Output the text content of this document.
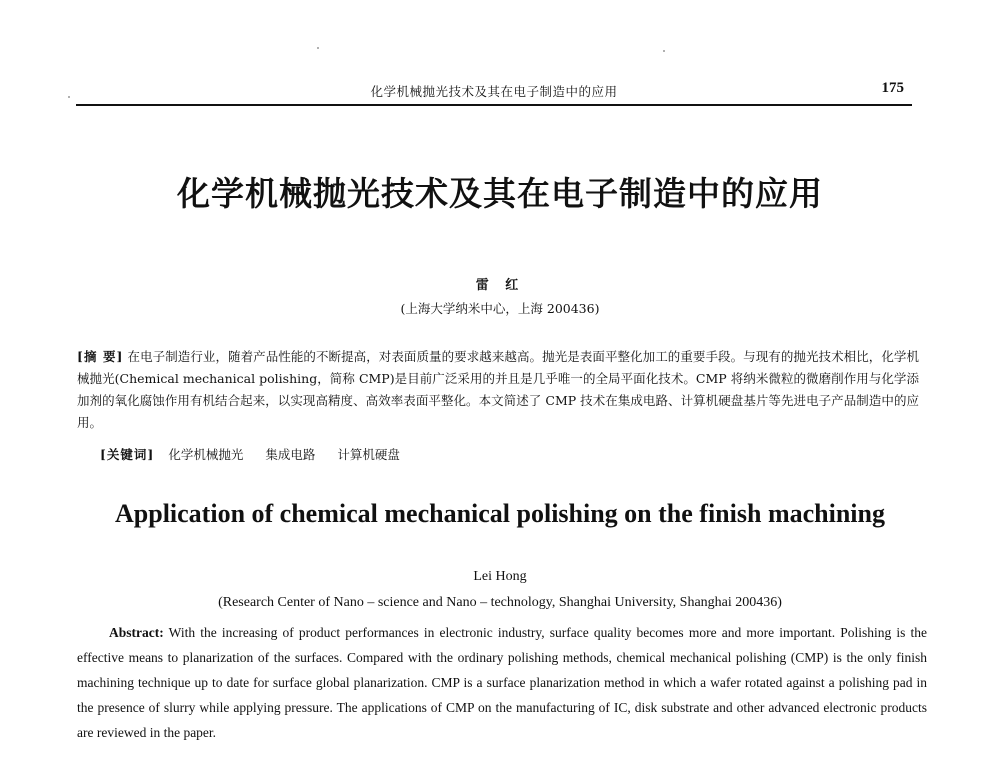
化学机械抛光技术及其在电子制造中的应用	175
化学机械抛光技术及其在电子制造中的应用
雷 红
(上海大学纳米中心，上海 200436)
[摘 要] 在电子制造行业，随着产品性能的不断提高，对表面质量的要求越来越高。抛光是表面平整化加工的重要手段。与现有的抛光技术相比，化学机械抛光(Chemical mechanical polishing，简称 CMP)是目前广泛采用的并且是几乎唯一的全局平面化技术。CMP 将纳米微粒的微磨削作用与化学添加剂的氧化腐蚀作用有机结合起来，以实现高精度、高效率表面平整化。本文简述了 CMP 技术在集成电路、计算机硬盘基片等先进电子产品制造中的应用。
[关键词] 化学机械抛光 集成电路 计算机硬盘
Application of chemical mechanical polishing on the finish machining
Lei Hong
(Research Center of Nano – science and Nano – technology, Shanghai University, Shanghai 200436)
Abstract: With the increasing of product performances in electronic industry, surface quality becomes more and more important. Polishing is the effective means to planarization of the surfaces. Compared with the ordinary polishing methods, chemical mechanical polishing (CMP) is the only finish machining technique up to date for surface global planarization. CMP is a surface planarization method in which a wafer rotated against a polishing pad in the presence of slurry while applying pressure. The applications of CMP on the manufacturing of IC, disk substrate and other advanced electronic products are reviewed in the paper.
